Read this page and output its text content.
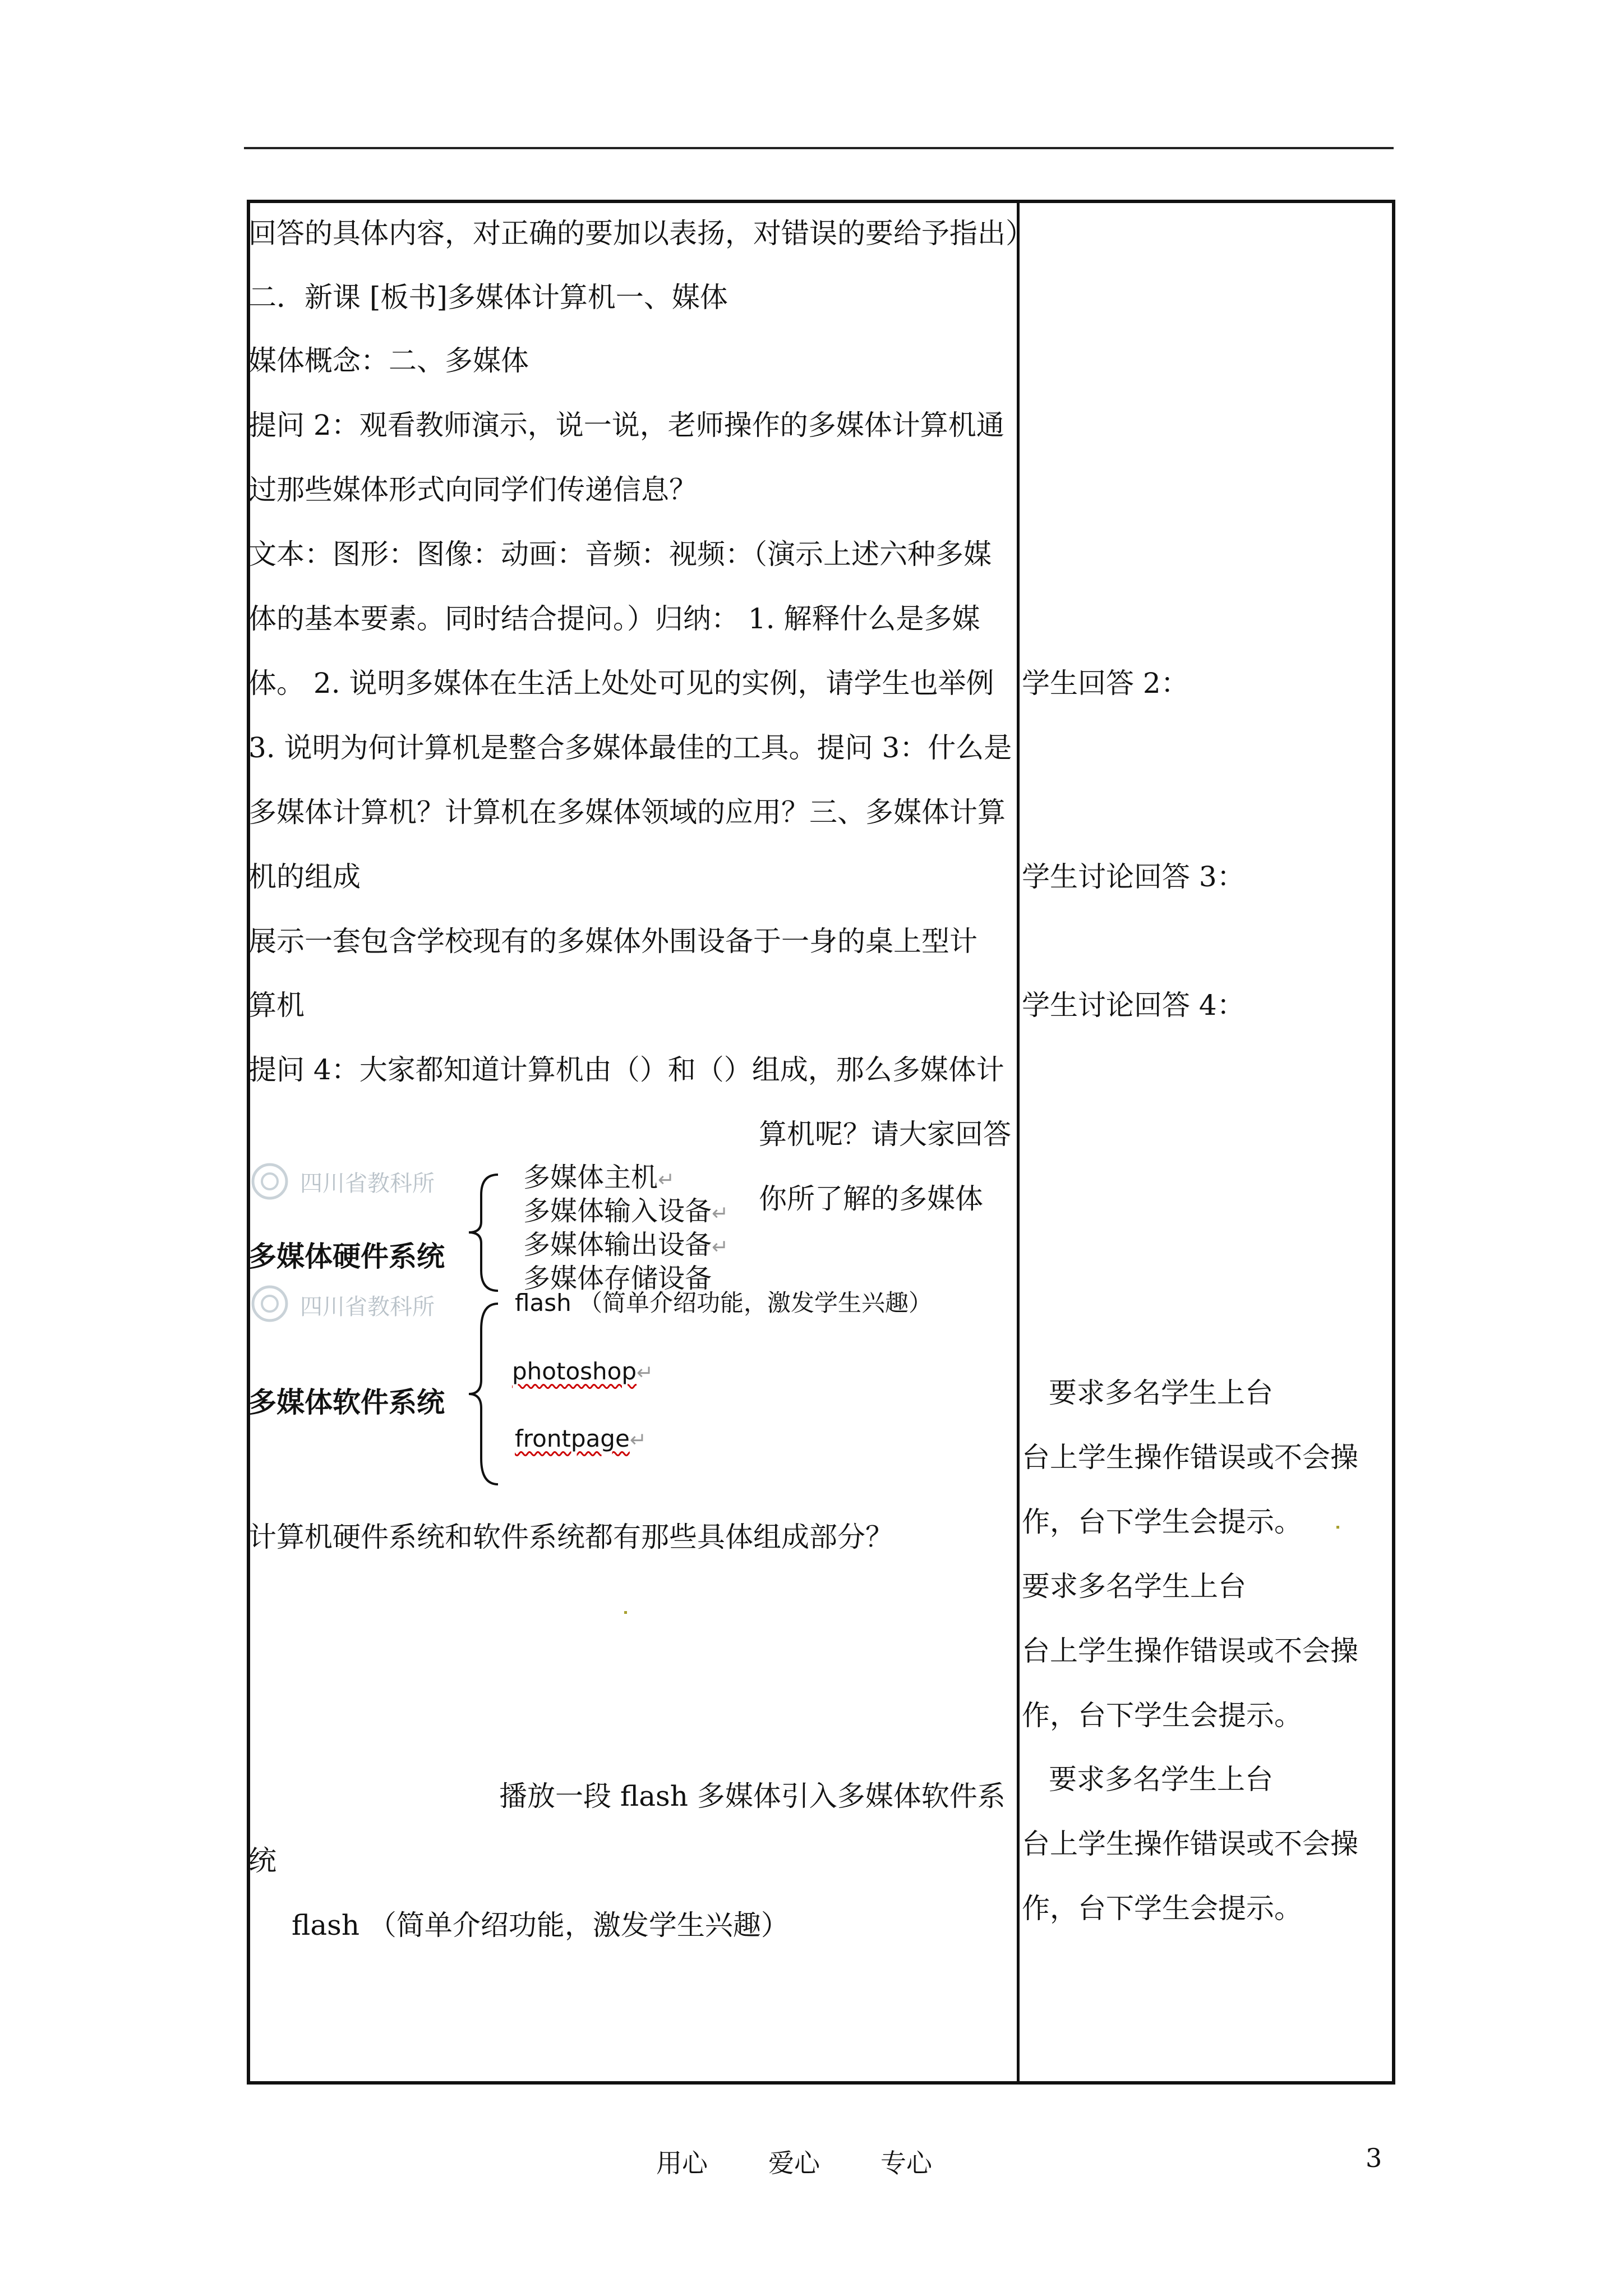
回答的具体内容，对正确的要加以表扬，对错误的要给予指出）
二．新课 [板书]多媒体计算机一、媒体
媒体概念：二、多媒体
提问 2：观看教师演示，说一说，老师操作的多媒体计算机通
过那些媒体形式向同学们传递信息？
文本：图形：图像：动画：音频：视频：（演示上述六种多媒
体的基本要素。同时结合提问。）归纳： 1. 解释什么是多媒
体。 2. 说明多媒体在生活上处处可见的实例，请学生也举例
3. 说明为何计算机是整合多媒体最佳的工具。提问 3：什么是
多媒体计算机？计算机在多媒体领域的应用？三、多媒体计算
机的组成
展示一套包含学校现有的多媒体外围设备于一身的桌上型计
算机
提问 4：大家都知道计算机由（）和（）组成，那么多媒体计
算机呢？请大家回答
你所了解的多媒体
计算机硬件系统和软件系统都有那些具体组成部分？
播放一段 flash 多媒体引入多媒体软件系
统
flash （简单介绍功能，激发学生兴趣）
四川省教科所
多媒体硬件系统
多媒体主机↵
多媒体输入设备↵
多媒体输出设备↵
多媒体存储设备
四川省教科所
多媒体软件系统
flash （简单介绍功能，激发学生兴趣）
photoshop↵
frontpage↵
学生回答 2：
学生讨论回答 3：
学生讨论回答 4：
要求多名学生上台
台上学生操作错误或不会操
作，台下学生会提示。
要求多名学生上台
台上学生操作错误或不会操
作，台下学生会提示。
要求多名学生上台
台上学生操作错误或不会操
作，台下学生会提示。
用心 爱心 专心	3
